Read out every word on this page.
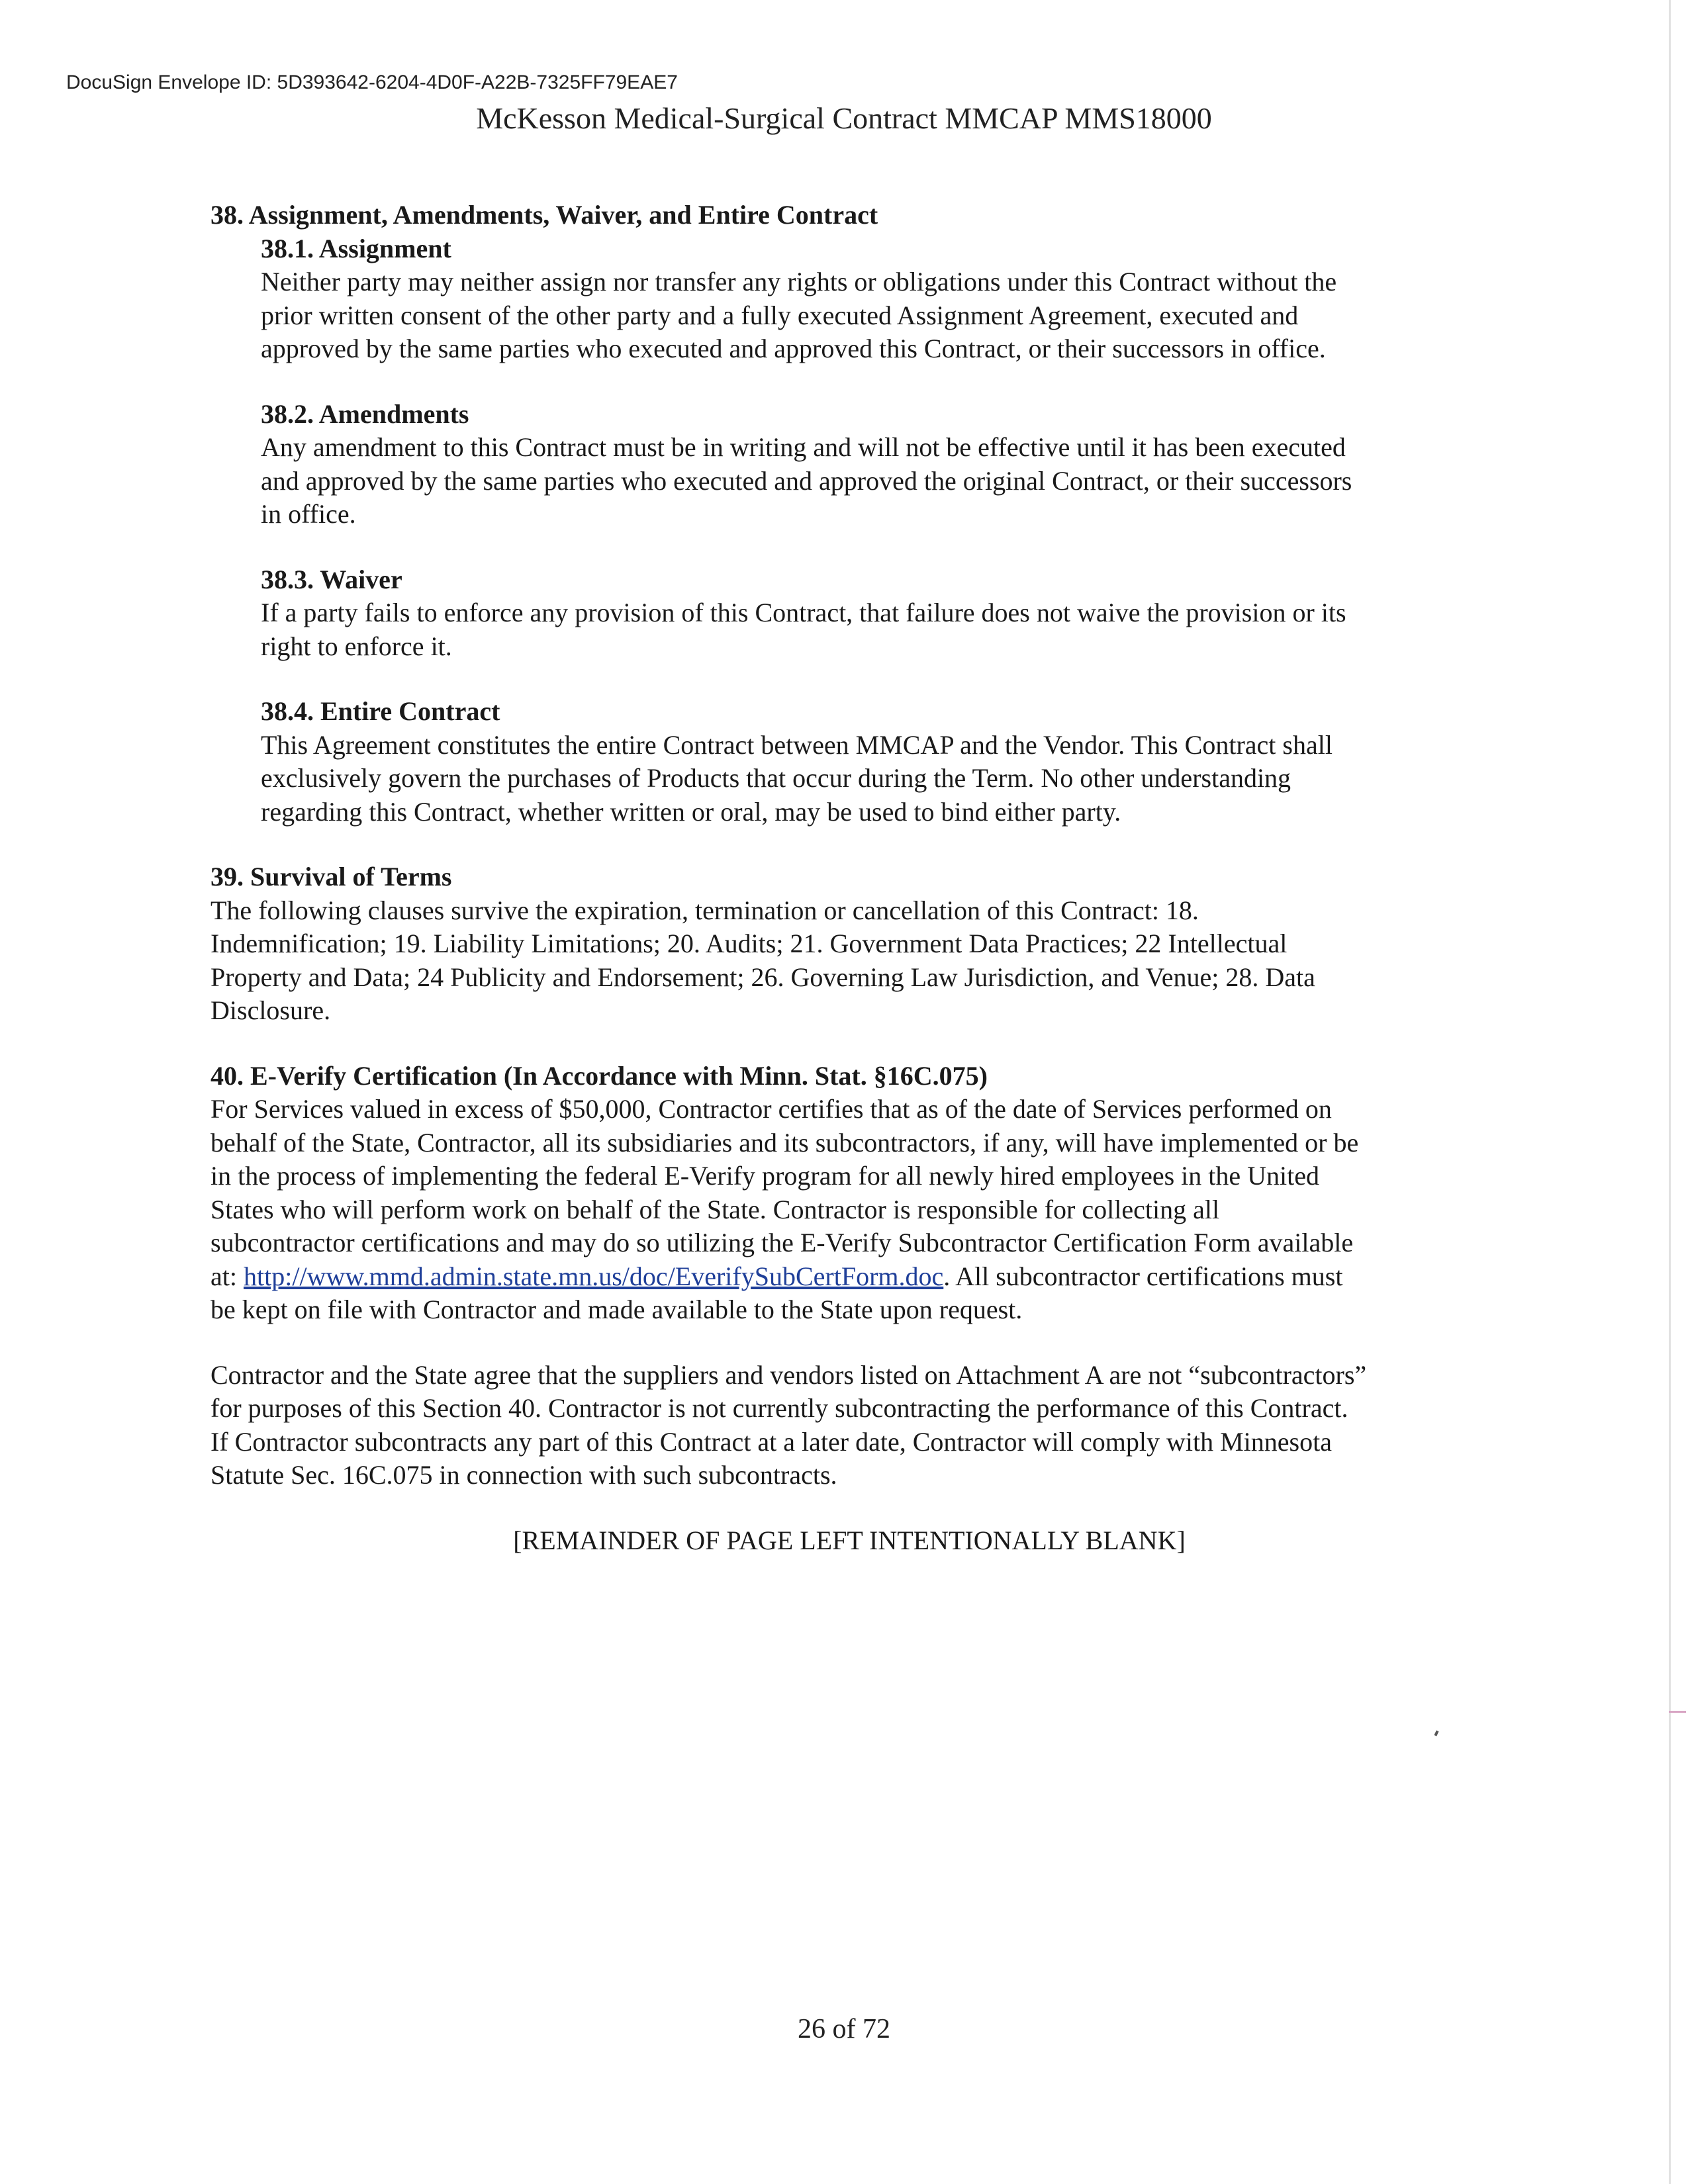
DocuSign Envelope ID: 5D393642-6204-4D0F-A22B-7325FF79EAE7
McKesson Medical-Surgical Contract MMCAP MMS18000
38. Assignment, Amendments, Waiver, and Entire Contract
38.1. Assignment
Neither party may neither assign nor transfer any rights or obligations under this Contract without the
prior written consent of the other party and a fully executed Assignment Agreement, executed and
approved by the same parties who executed and approved this Contract, or their successors in office.
38.2. Amendments
Any amendment to this Contract must be in writing and will not be effective until it has been executed
and approved by the same parties who executed and approved the original Contract, or their successors
in office.
38.3. Waiver
If a party fails to enforce any provision of this Contract, that failure does not waive the provision or its
right to enforce it.
38.4. Entire Contract
This Agreement constitutes the entire Contract between MMCAP and the Vendor. This Contract shall
exclusively govern the purchases of Products that occur during the Term. No other understanding
regarding this Contract, whether written or oral, may be used to bind either party.
39. Survival of Terms
The following clauses survive the expiration, termination or cancellation of this Contract: 18.
Indemnification; 19. Liability Limitations; 20. Audits; 21. Government Data Practices; 22 Intellectual
Property and Data; 24 Publicity and Endorsement; 26. Governing Law Jurisdiction, and Venue; 28. Data
Disclosure.
40. E-Verify Certification (In Accordance with Minn. Stat. §16C.075)
For Services valued in excess of $50,000, Contractor certifies that as of the date of Services performed on
behalf of the State, Contractor, all its subsidiaries and its subcontractors, if any, will have implemented or be
in the process of implementing the federal E-Verify program for all newly hired employees in the United
States who will perform work on behalf of the State. Contractor is responsible for collecting all
subcontractor certifications and may do so utilizing the E-Verify Subcontractor Certification Form available
at: http://www.mmd.admin.state.mn.us/doc/EverifySubCertForm.doc. All subcontractor certifications must
be kept on file with Contractor and made available to the State upon request.
Contractor and the State agree that the suppliers and vendors listed on Attachment A are not “subcontractors”
for purposes of this Section 40. Contractor is not currently subcontracting the performance of this Contract.
If Contractor subcontracts any part of this Contract at a later date, Contractor will comply with Minnesota
Statute Sec. 16C.075 in connection with such subcontracts.
[REMAINDER OF PAGE LEFT INTENTIONALLY BLANK]
26 of 72
